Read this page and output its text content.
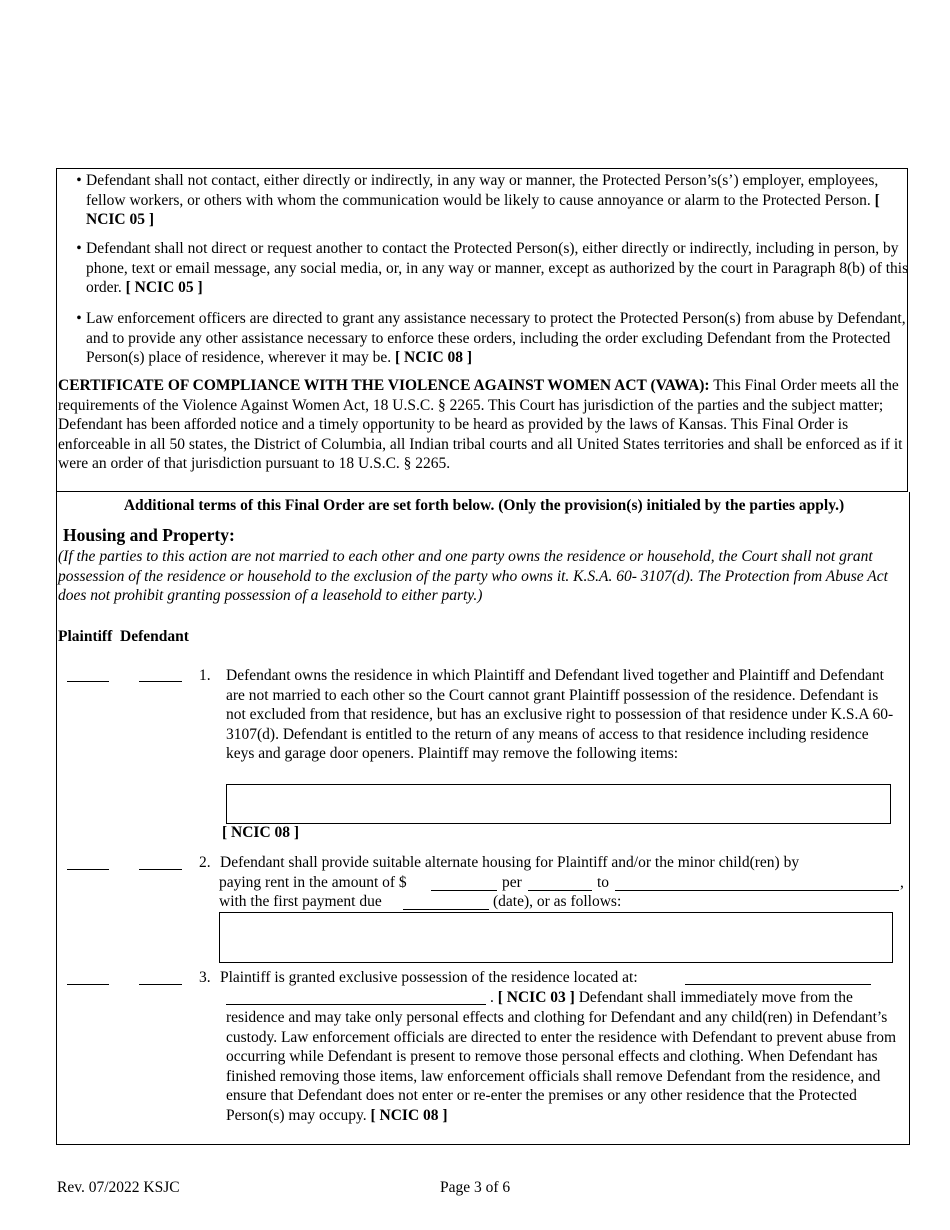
• Defendant shall not contact, either directly or indirectly, in any way or manner, the Protected Person’s(s’) employer, employees, fellow workers, or others with whom the communication would be likely to cause annoyance or alarm to the Protected Person. [ NCIC 05 ]
• Defendant shall not direct or request another to contact the Protected Person(s), either directly or indirectly, including in person, by phone, text or email message, any social media, or, in any way or manner, except as authorized by the court in Paragraph 8(b) of this order. [ NCIC 05 ]
• Law enforcement officers are directed to grant any assistance necessary to protect the Protected Person(s) from abuse by Defendant, and to provide any other assistance necessary to enforce these orders, including the order excluding Defendant from the Protected Person(s) place of residence, wherever it may be. [ NCIC 08 ]
CERTIFICATE OF COMPLIANCE WITH THE VIOLENCE AGAINST WOMEN ACT (VAWA): This Final Order meets all the requirements of the Violence Against Women Act, 18 U.S.C. § 2265. This Court has jurisdiction of the parties and the subject matter; Defendant has been afforded notice and a timely opportunity to be heard as provided by the laws of Kansas. This Final Order is enforceable in all 50 states, the District of Columbia, all Indian tribal courts and all United States territories and shall be enforced as if it were an order of that jurisdiction pursuant to 18 U.S.C. § 2265.
Additional terms of this Final Order are set forth below. (Only the provision(s) initialed by the parties apply.)
Housing and Property:
(If the parties to this action are not married to each other and one party owns the residence or household, the Court shall not grant possession of the residence or household to the exclusion of the party who owns it. K.S.A. 60- 3107(d). The Protection from Abuse Act does not prohibit granting possession of a leasehold to either party.)
Plaintiff Defendant
1. Defendant owns the residence in which Plaintiff and Defendant lived together and Plaintiff and Defendant are not married to each other so the Court cannot grant Plaintiff possession of the residence. Defendant is not excluded from that residence, but has an exclusive right to possession of that residence under K.S.A 60-3107(d). Defendant is entitled to the return of any means of access to that residence including residence keys and garage door openers. Plaintiff may remove the following items:
[ NCIC 08 ]
2. Defendant shall provide suitable alternate housing for Plaintiff and/or the minor child(ren) by
paying rent in the amount of $	per	to	,
with the first payment due	(date), or as follows:
3. Plaintiff is granted exclusive possession of the residence located at:
. [ NCIC 03 ] Defendant shall immediately move from the
residence and may take only personal effects and clothing for Defendant and any child(ren) in Defendant’s custody. Law enforcement officials are directed to enter the residence with Defendant to prevent abuse from occurring while Defendant is present to remove those personal effects and clothing. When Defendant has finished removing those items, law enforcement officials shall remove Defendant from the residence, and ensure that Defendant does not enter or re-enter the premises or any other residence that the Protected Person(s) may occupy. [ NCIC 08 ]
Rev. 07/2022 KSJC	Page 3 of 6
